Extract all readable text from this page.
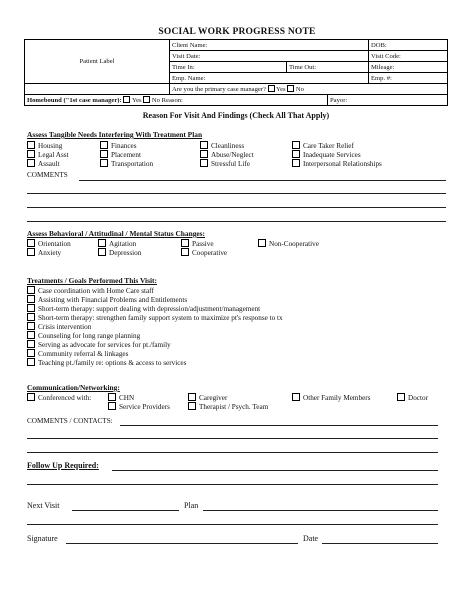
SOCIAL WORK PROGRESS NOTE
Patient Label	Client Name:			DOB:
	Visit Date:			Visit Code:
	Time In:	Time Out:		Mileage:
	Emp. Name:			Emp. #:
	Are you the primary case manager? Yes No			
Homebound ("1st case manager): Yes No Reason:			Payor:	
Reason For Visit And Findings (Check All That Apply)
Assess Tangible Needs Interfering With Treatment Plan
Housing
Legal Asst
Assault
Finances
Placement
Transportation
Cleanliness
Abuse/Neglect
Stressful Life
Care Taker Relief
Inadequate Services
Interpersonal Relationships
COMMENTS
Assess Behavioral / Attitudinal / Mental Status Changes:
Orientation
Anxiety
Agitation
Depression
Passive
Cooperative
Non-Cooperative
Treatments / Goals Performed This Visit:
Case coordination with Home Care staff
Assisting with Financial Problems and Entitlements
Short-term therapy: support dealing with depression/adjustment/management
Short-term therapy: strengthen family support system to maximize pt's response to tx
Crisis intervention
Counseling for long range planning
Serving as advocate for services for pt./family
Community referral & linkages
Teaching pt./family re: options & access to services
Communication/Networking:
Conferenced with:	CHN
Service Providers
Caregiver
Therapist / Psych. Team
Other Family Members	Doctor
COMMENTS / CONTACTS:
Follow Up Required:
Next Visit	Plan
Signature	Date
